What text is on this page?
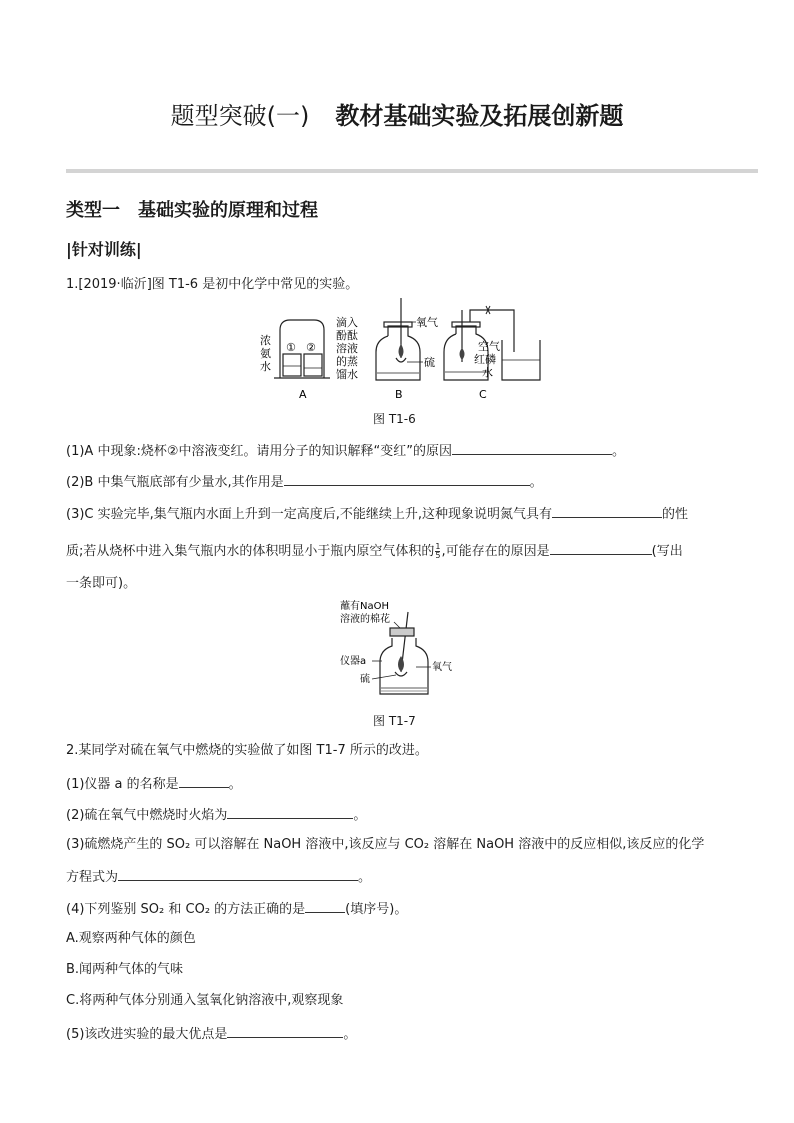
题型突破(一) 教材基础实验及拓展创新题
类型一 基础实验的原理和过程
|针对训练|
1.[2019·临沂]图 T1-6 是初中化学中常见的实验。
① ②
浓
氨
水
滴入
酚酞
溶液
的蒸
馏水
A
氧气
硫
B
空气
红磷
水
C
图 T1-6
(1)A 中现象:烧杯②中溶液变红。请用分子的知识解释“变红”的原因	。
(2)B 中集气瓶底部有少量水,其作用是	。
(3)C 实验完毕,集气瓶内水面上升到一定高度后,不能继续上升,这种现象说明氮气具有	的性
质;若从烧杯中进入集气瓶内水的体积明显小于瓶内原空气体积的 $\frac{1}{5}$ ,可能存在的原因是	(写出
一条即可)。
蘸有NaOH
溶液的棉花
仪器a
氧气
硫
图 T1-7
2.某同学对硫在氧气中燃烧的实验做了如图 T1-7 所示的改进。
(1)仪器 a 的名称是	。
(2)硫在氧气中燃烧时火焰为	。
(3)硫燃烧产生的 SO₂ 可以溶解在 NaOH 溶液中,该反应与 CO₂ 溶解在 NaOH 溶液中的反应相似,该反应的化学
方程式为	。
(4)下列鉴别 SO₂ 和 CO₂ 的方法正确的是	(填序号)。
A.观察两种气体的颜色
B.闻两种气体的气味
C.将两种气体分别通入氢氧化钠溶液中,观察现象
(5)该改进实验的最大优点是	。
